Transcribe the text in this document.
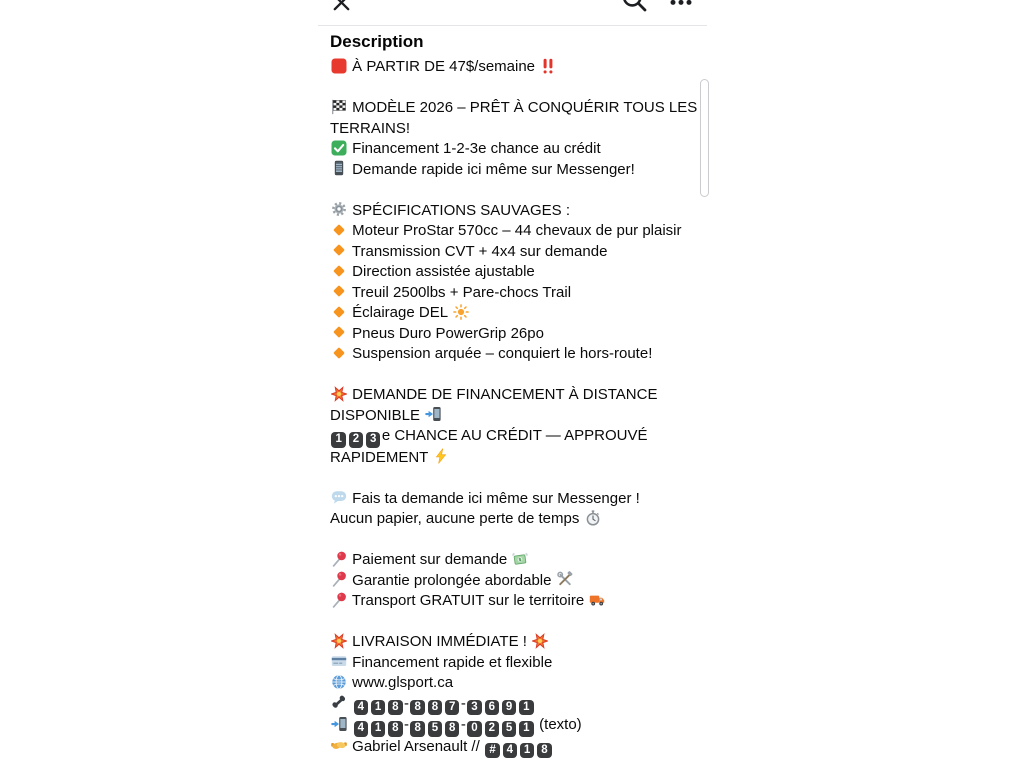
Description
À PARTIR DE 47$/semaine
MODÈLE 2026 – PRÊT À CONQUÉRIR TOUS LES TERRAINS!
Financement 1-2-3e chance au crédit
Demande rapide ici même sur Messenger!
SPÉCIFICATIONS SAUVAGES :
Moteur ProStar 570cc – 44 chevaux de pur plaisir
Transmission CVT + 4x4 sur demande
Direction assistée ajustable
Treuil 2500lbs + Pare-chocs Trail
Éclairage DEL
Pneus Duro PowerGrip 26po
Suspension arquée – conquiert le hors-route!
DEMANDE DE FINANCEMENT À DISTANCE DISPONIBLE
1 2 3 e CHANCE AU CRÉDIT — APPROUVÉ RAPIDEMENT
Fais ta demande ici même sur Messenger !
Aucun papier, aucune perte de temps
Paiement sur demande $
Garantie prolongée abordable
Transport GRATUIT sur le territoire
LIVRAISON IMMÉDIATE !
Financement rapide et flexible
www.glsport.ca
4 1 8 - 8 8 7 - 3 6 9 1
4 1 8 - 8 5 8 - 0 2 5 1 (texto)
Gabriel Arsenault // # 4 1 8
